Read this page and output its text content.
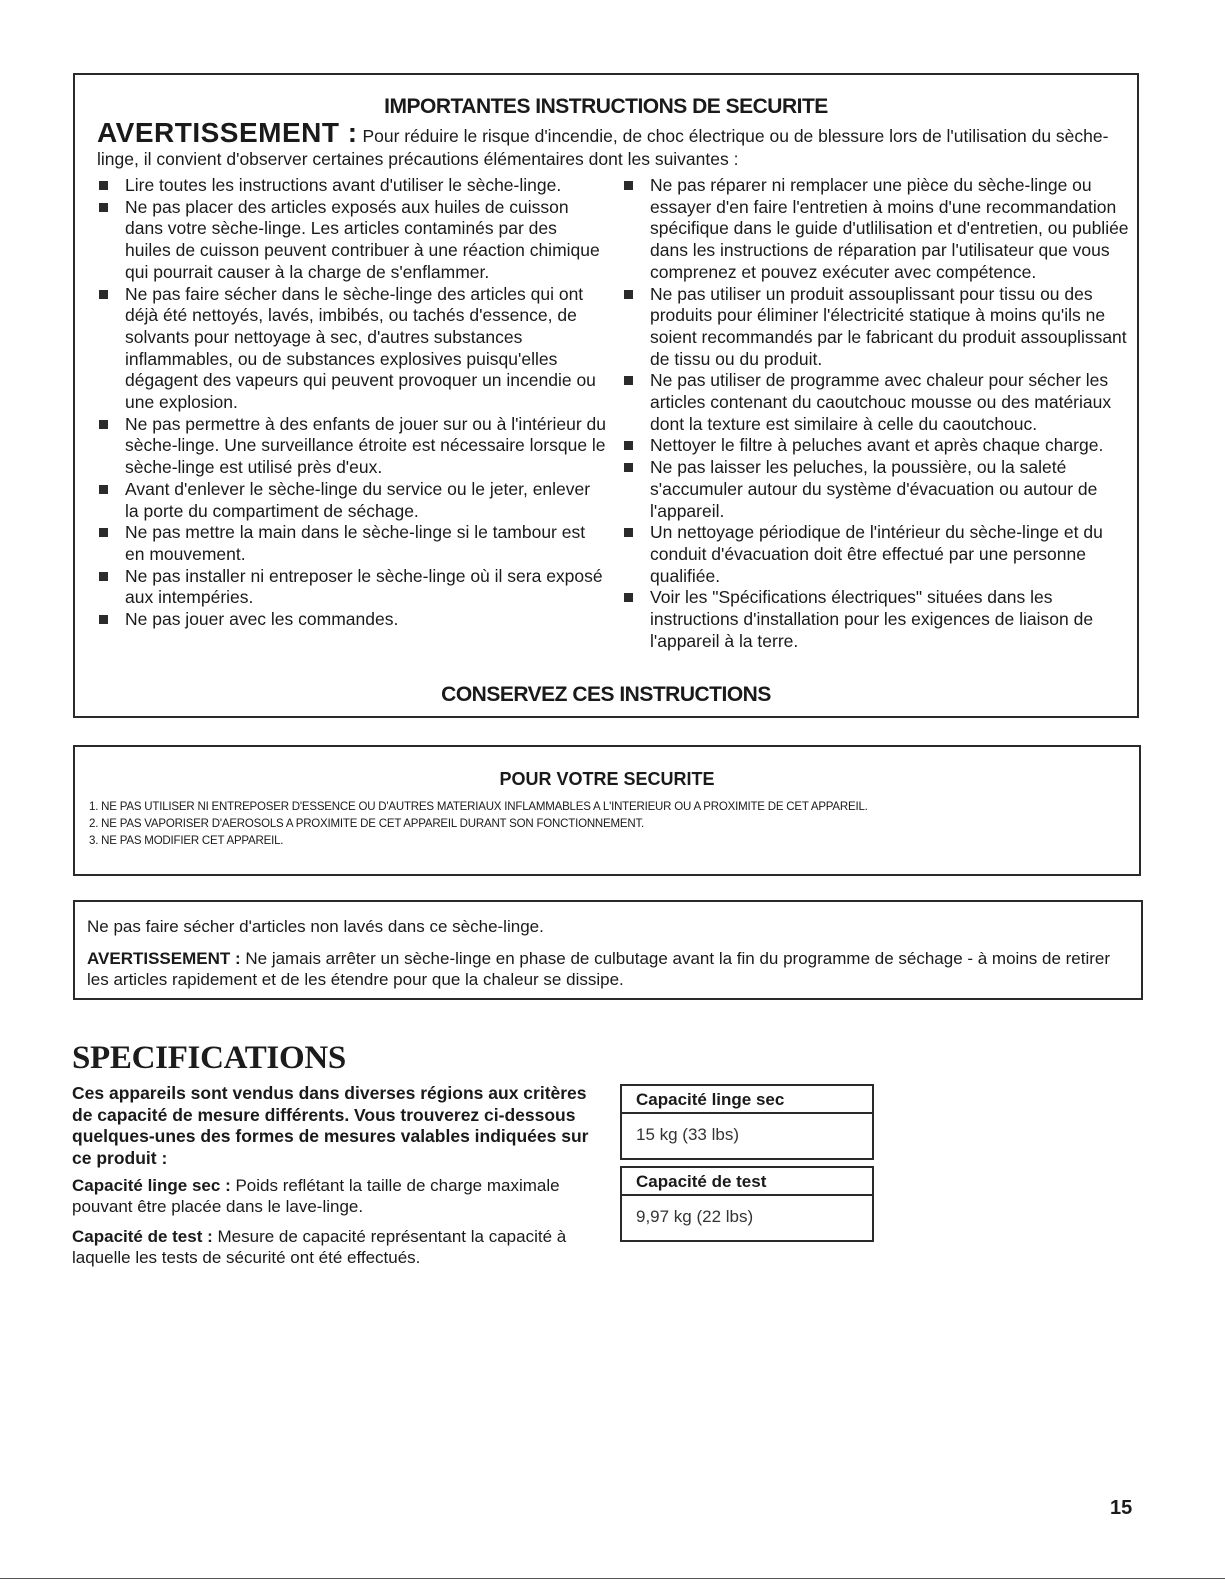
IMPORTANTES INSTRUCTIONS DE SECURITE
AVERTISSEMENT : Pour réduire le risque d'incendie, de choc électrique ou de blessure lors de l'utilisation du sèche-linge, il convient d'observer certaines précautions élémentaires dont les suivantes :
Lire toutes les instructions avant d'utiliser le sèche-linge.
Ne pas placer des articles exposés aux huiles de cuisson dans votre sèche-linge. Les articles contaminés par des huiles de cuisson peuvent contribuer à une réaction chimique qui pourrait causer à la charge de s'enflammer.
Ne pas faire sécher dans le sèche-linge des articles qui ont déjà été nettoyés, lavés, imbibés, ou tachés d'essence, de solvants pour nettoyage à sec, d'autres substances inflammables, ou de substances explosives puisqu'elles dégagent des vapeurs qui peuvent provoquer un incendie ou une explosion.
Ne pas permettre à des enfants de jouer sur ou à l'intérieur du sèche-linge. Une surveillance étroite est nécessaire lorsque le sèche-linge est utilisé près d'eux.
Avant d'enlever le sèche-linge du service ou le jeter, enlever la porte du compartiment de séchage.
Ne pas mettre la main dans le sèche-linge si le tambour est en mouvement.
Ne pas installer ni entreposer le sèche-linge où il sera exposé aux intempéries.
Ne pas jouer avec les commandes.
Ne pas réparer ni remplacer une pièce du sèche-linge ou essayer d'en faire l'entretien à moins d'une recommandation spécifique dans le guide d'utlilisation et d'entretien, ou publiée dans les instructions de réparation par l'utilisateur que vous comprenez et pouvez exécuter avec compétence.
Ne pas utiliser un produit assouplissant pour tissu ou des produits pour éliminer l'électricité statique à moins qu'ils ne soient recommandés par le fabricant du produit assouplissant de tissu ou du produit.
Ne pas utiliser de programme avec chaleur pour sécher les articles contenant du caoutchouc mousse ou des matériaux dont la texture est similaire à celle du caoutchouc.
Nettoyer le filtre à peluches avant et après chaque charge.
Ne pas laisser les peluches, la poussière, ou la saleté s'accumuler autour du système d'évacuation ou autour de l'appareil.
Un nettoyage périodique de l'intérieur du sèche-linge et du conduit d'évacuation doit être effectué par une personne qualifiée.
Voir les "Spécifications électriques" situées dans les instructions d'installation pour les exigences de liaison de l'appareil à la terre.
CONSERVEZ CES INSTRUCTIONS
POUR VOTRE SECURITE
1. NE PAS UTILISER NI ENTREPOSER D'ESSENCE OU D'AUTRES MATERIAUX INFLAMMABLES A L'INTERIEUR OU A PROXIMITE DE CET APPAREIL.
2. NE PAS VAPORISER D'AEROSOLS A PROXIMITE DE CET APPAREIL DURANT SON FONCTIONNEMENT.
3. NE PAS MODIFIER CET APPAREIL.

Ne pas faire sécher d'articles non lavés dans ce sèche-linge.

AVERTISSEMENT : Ne jamais arrêter un sèche-linge en phase de culbutage avant la fin du programme de séchage - à moins de retirer les articles rapidement et de les étendre pour que la chaleur se dissipe.

SPECIFICATIONS

Ces appareils sont vendus dans diverses régions aux critères de capacité de mesure différents. Vous trouverez ci-dessous quelques-unes des formes de mesures valables indiquées sur ce produit :

Capacité linge sec : Poids reflétant la taille de charge maximale pouvant être placée dans le lave-linge.

Capacité de test : Mesure de capacité représentant la capacité à laquelle les tests de sécurité ont été effectués.

Capacité linge sec
15 kg (33 lbs)
Capacité de test
9,97 kg (22 lbs)
15
